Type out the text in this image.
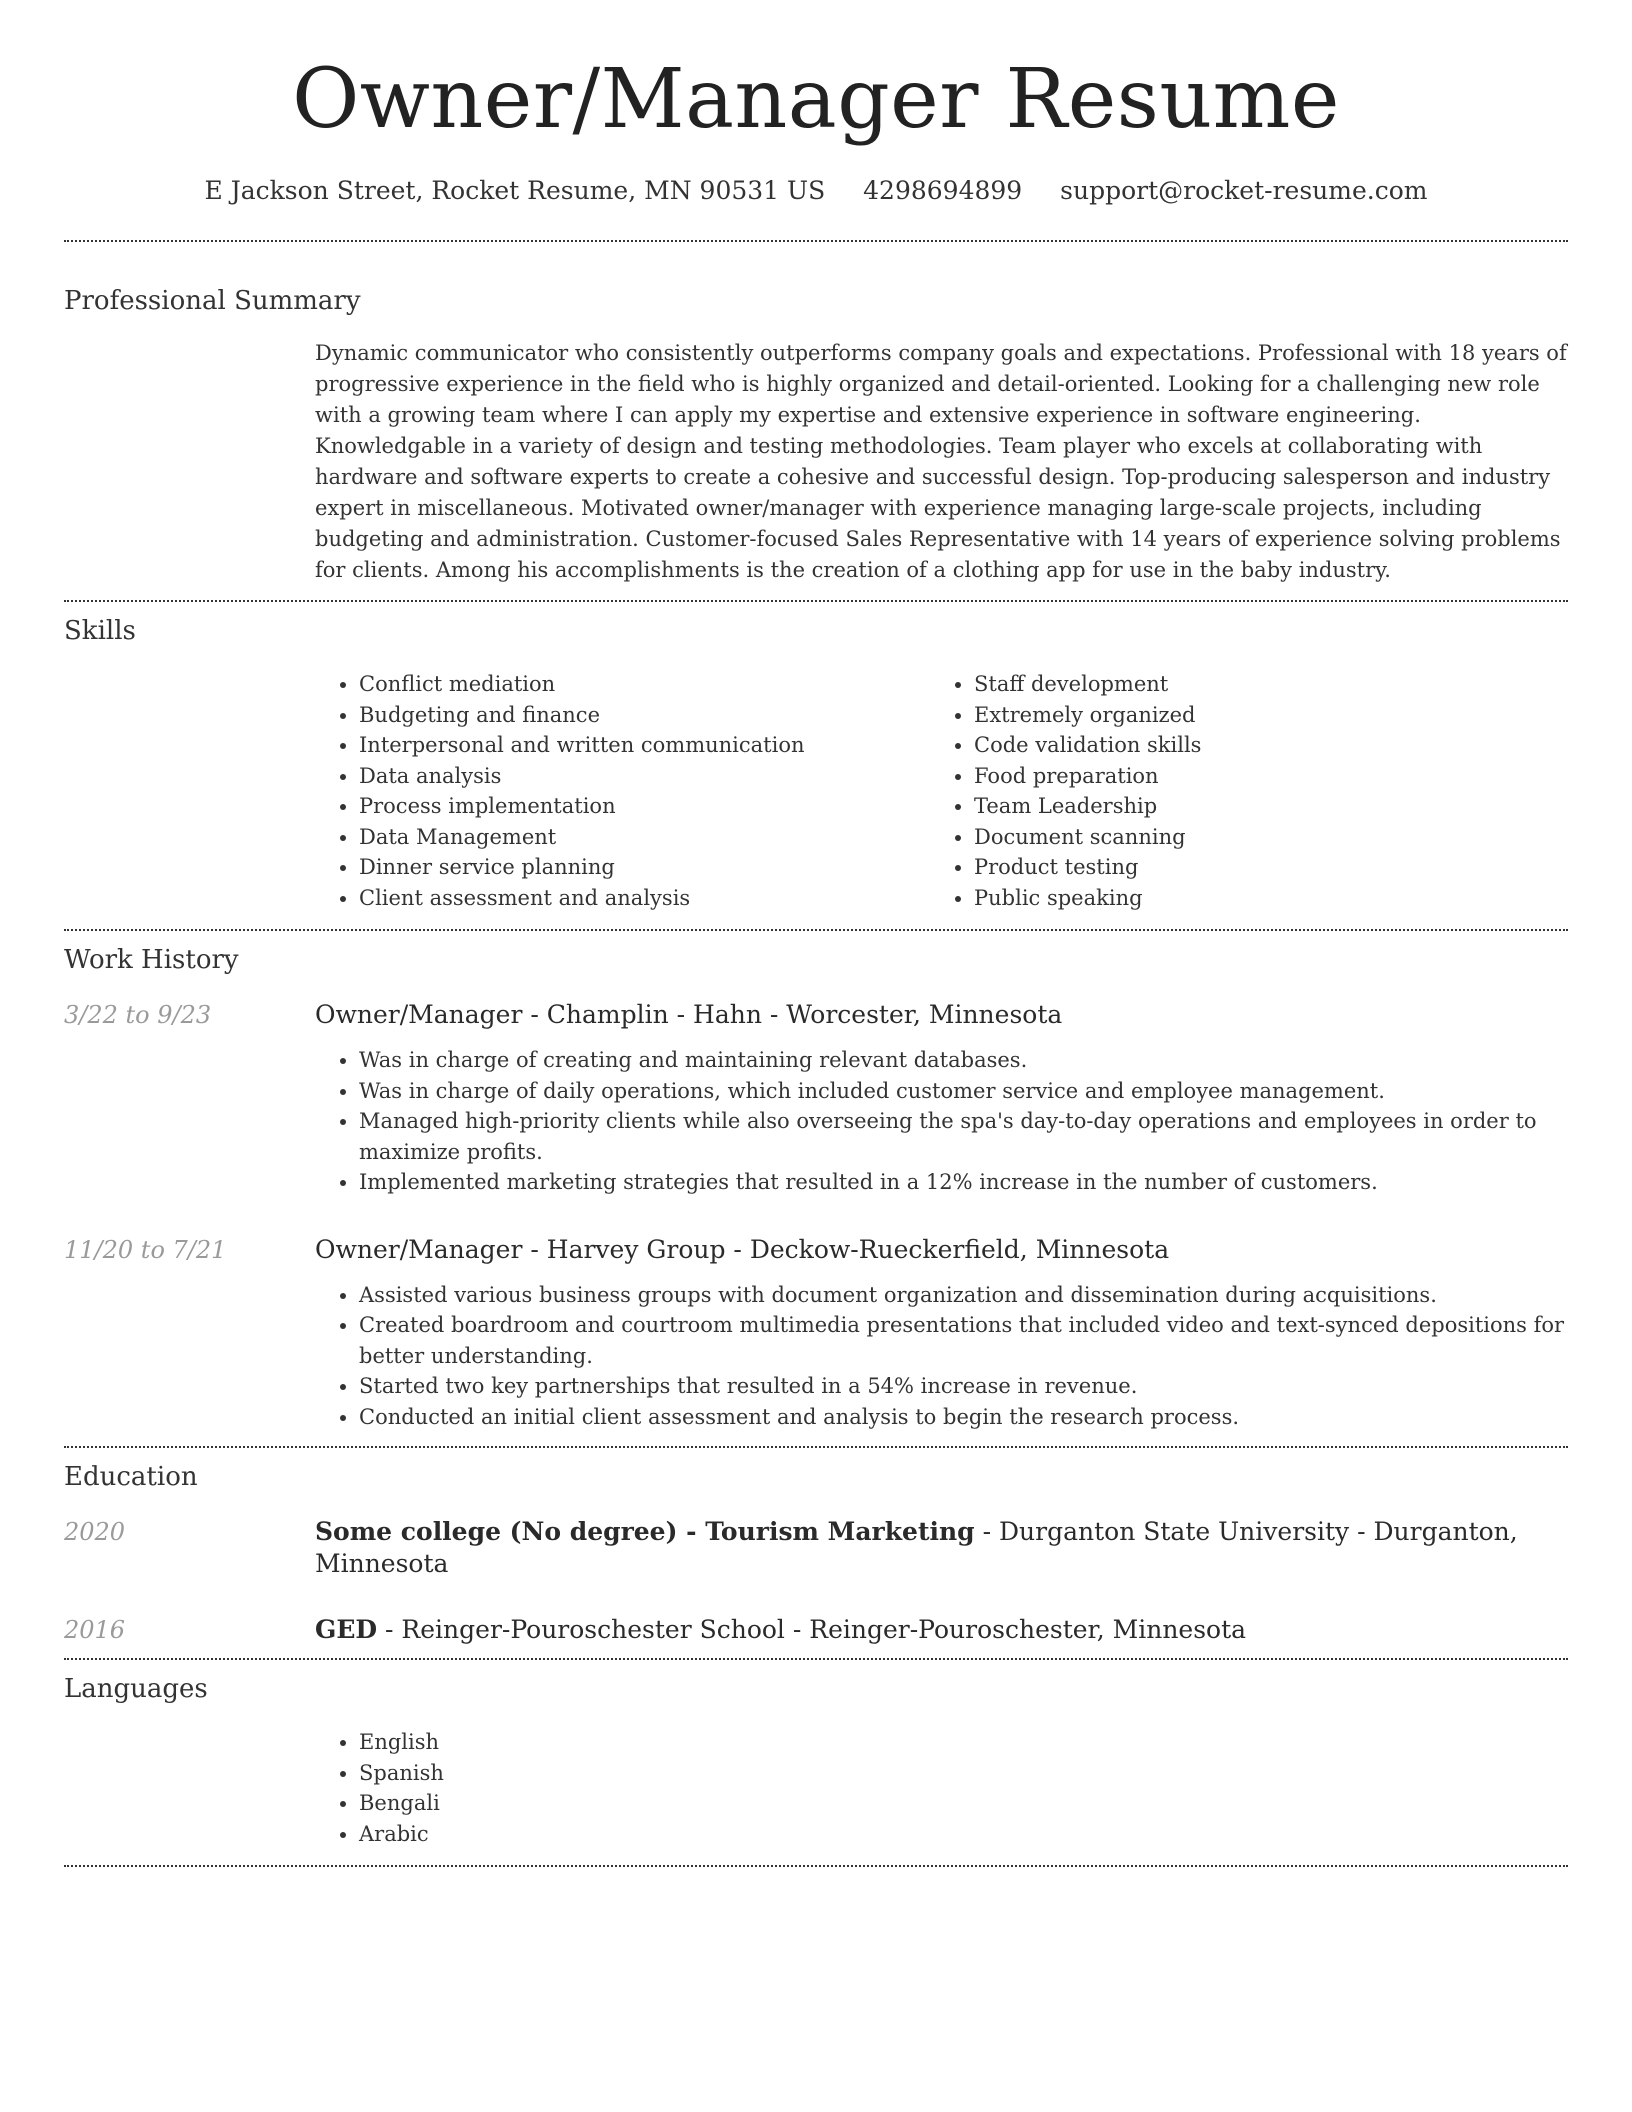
Owner/Manager Resume
E Jackson Street, Rocket Resume, MN 90531 US 4298694899 support@rocket-resume.com
Professional Summary

Dynamic communicator who consistently outperforms company goals and expectations. Professional with 18 years of progressive experience in the field who is highly organized and detail-oriented. Looking for a challenging new role with a growing team where I can apply my expertise and extensive experience in software engineering. Knowledgable in a variety of design and testing methodologies. Team player who excels at collaborating with hardware and software experts to create a cohesive and successful design. Top-producing salesperson and industry expert in miscellaneous. Motivated owner/manager with experience managing large-scale projects, including budgeting and administration. Customer-focused Sales Representative with 14 years of experience solving problems for clients. Among his accomplishments is the creation of a clothing app for use in the baby industry.

Skills
• Conflict mediation
• Budgeting and finance
• Interpersonal and written communication
• Data analysis
• Process implementation
• Data Management
• Dinner service planning
• Client assessment and analysis
• Staff development
• Extremely organized
• Code validation skills
• Food preparation
• Team Leadership
• Document scanning
• Product testing
• Public speaking
Work History
3/22 to 9/23	Owner/Manager - Champlin - Hahn - Worcester, Minnesota
• Was in charge of creating and maintaining relevant databases.
• Was in charge of daily operations, which included customer service and employee management.
• Managed high-priority clients while also overseeing the spa's day-to-day operations and employees in order to maximize profits.
• Implemented marketing strategies that resulted in a 12% increase in the number of customers.
11/20 to 7/21	Owner/Manager - Harvey Group - Deckow-Rueckerfield, Minnesota
• Assisted various business groups with document organization and dissemination during acquisitions.
• Created boardroom and courtroom multimedia presentations that included video and text-synced depositions for better understanding.
• Started two key partnerships that resulted in a 54% increase in revenue.
• Conducted an initial client assessment and analysis to begin the research process.
Education
2020	Some college (No degree) - Tourism Marketing - Durganton State University - Durganton, Minnesota
2016	GED - Reinger-Pouroschester School - Reinger-Pouroschester, Minnesota
Languages
• English
• Spanish
• Bengali
• Arabic
